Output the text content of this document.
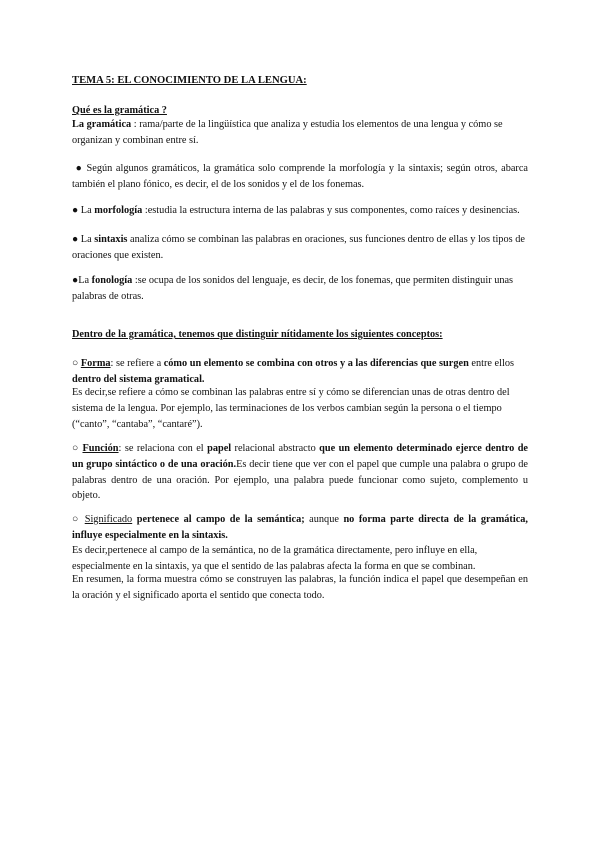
TEMA 5: EL CONOCIMIENTO DE LA LENGUA:

Qué es la gramática ?

La gramática : rama/parte de la lingüística que analiza y estudia los elementos de una lengua y cómo se organizan y combinan entre sí.

● Según algunos gramáticos, la gramática solo comprende la morfología y la sintaxis; según otros, abarca también el plano fónico, es decir, el de los sonidos y el de los fonemas.

● La morfología :estudia la estructura interna de las palabras y sus componentes, como raíces y desinencias.

● La sintaxis analiza cómo se combinan las palabras en oraciones, sus funciones dentro de ellas y los tipos de oraciones que existen.

●La fonología :se ocupa de los sonidos del lenguaje, es decir, de los fonemas, que permiten distinguir unas palabras de otras.

Dentro de la gramática, tenemos que distinguir nítidamente los siguientes conceptos:

○ Forma: se refiere a cómo un elemento se combina con otros y a las diferencias que surgen entre ellos dentro del sistema gramatical.

Es decir,se refiere a cómo se combinan las palabras entre sí y cómo se diferencian unas de otras dentro del sistema de la lengua. Por ejemplo, las terminaciones de los verbos cambian según la persona o el tiempo (“canto”, “cantaba”, “cantaré”).

○ Función: se relaciona con el papel relacional abstracto que un elemento determinado ejerce dentro de un grupo sintáctico o de una oración.Es decir tiene que ver con el papel que cumple una palabra o grupo de palabras dentro de una oración. Por ejemplo, una palabra puede funcionar como sujeto, complemento u objeto.

○ Significado pertenece al campo de la semántica; aunque no forma parte directa de la gramática, influye especialmente en la sintaxis.

Es decir,pertenece al campo de la semántica, no de la gramática directamente, pero influye en ella, especialmente en la sintaxis, ya que el sentido de las palabras afecta la forma en que se combinan.

En resumen, la forma muestra cómo se construyen las palabras, la función indica el papel que desempeñan en la oración y el significado aporta el sentido que conecta todo.
